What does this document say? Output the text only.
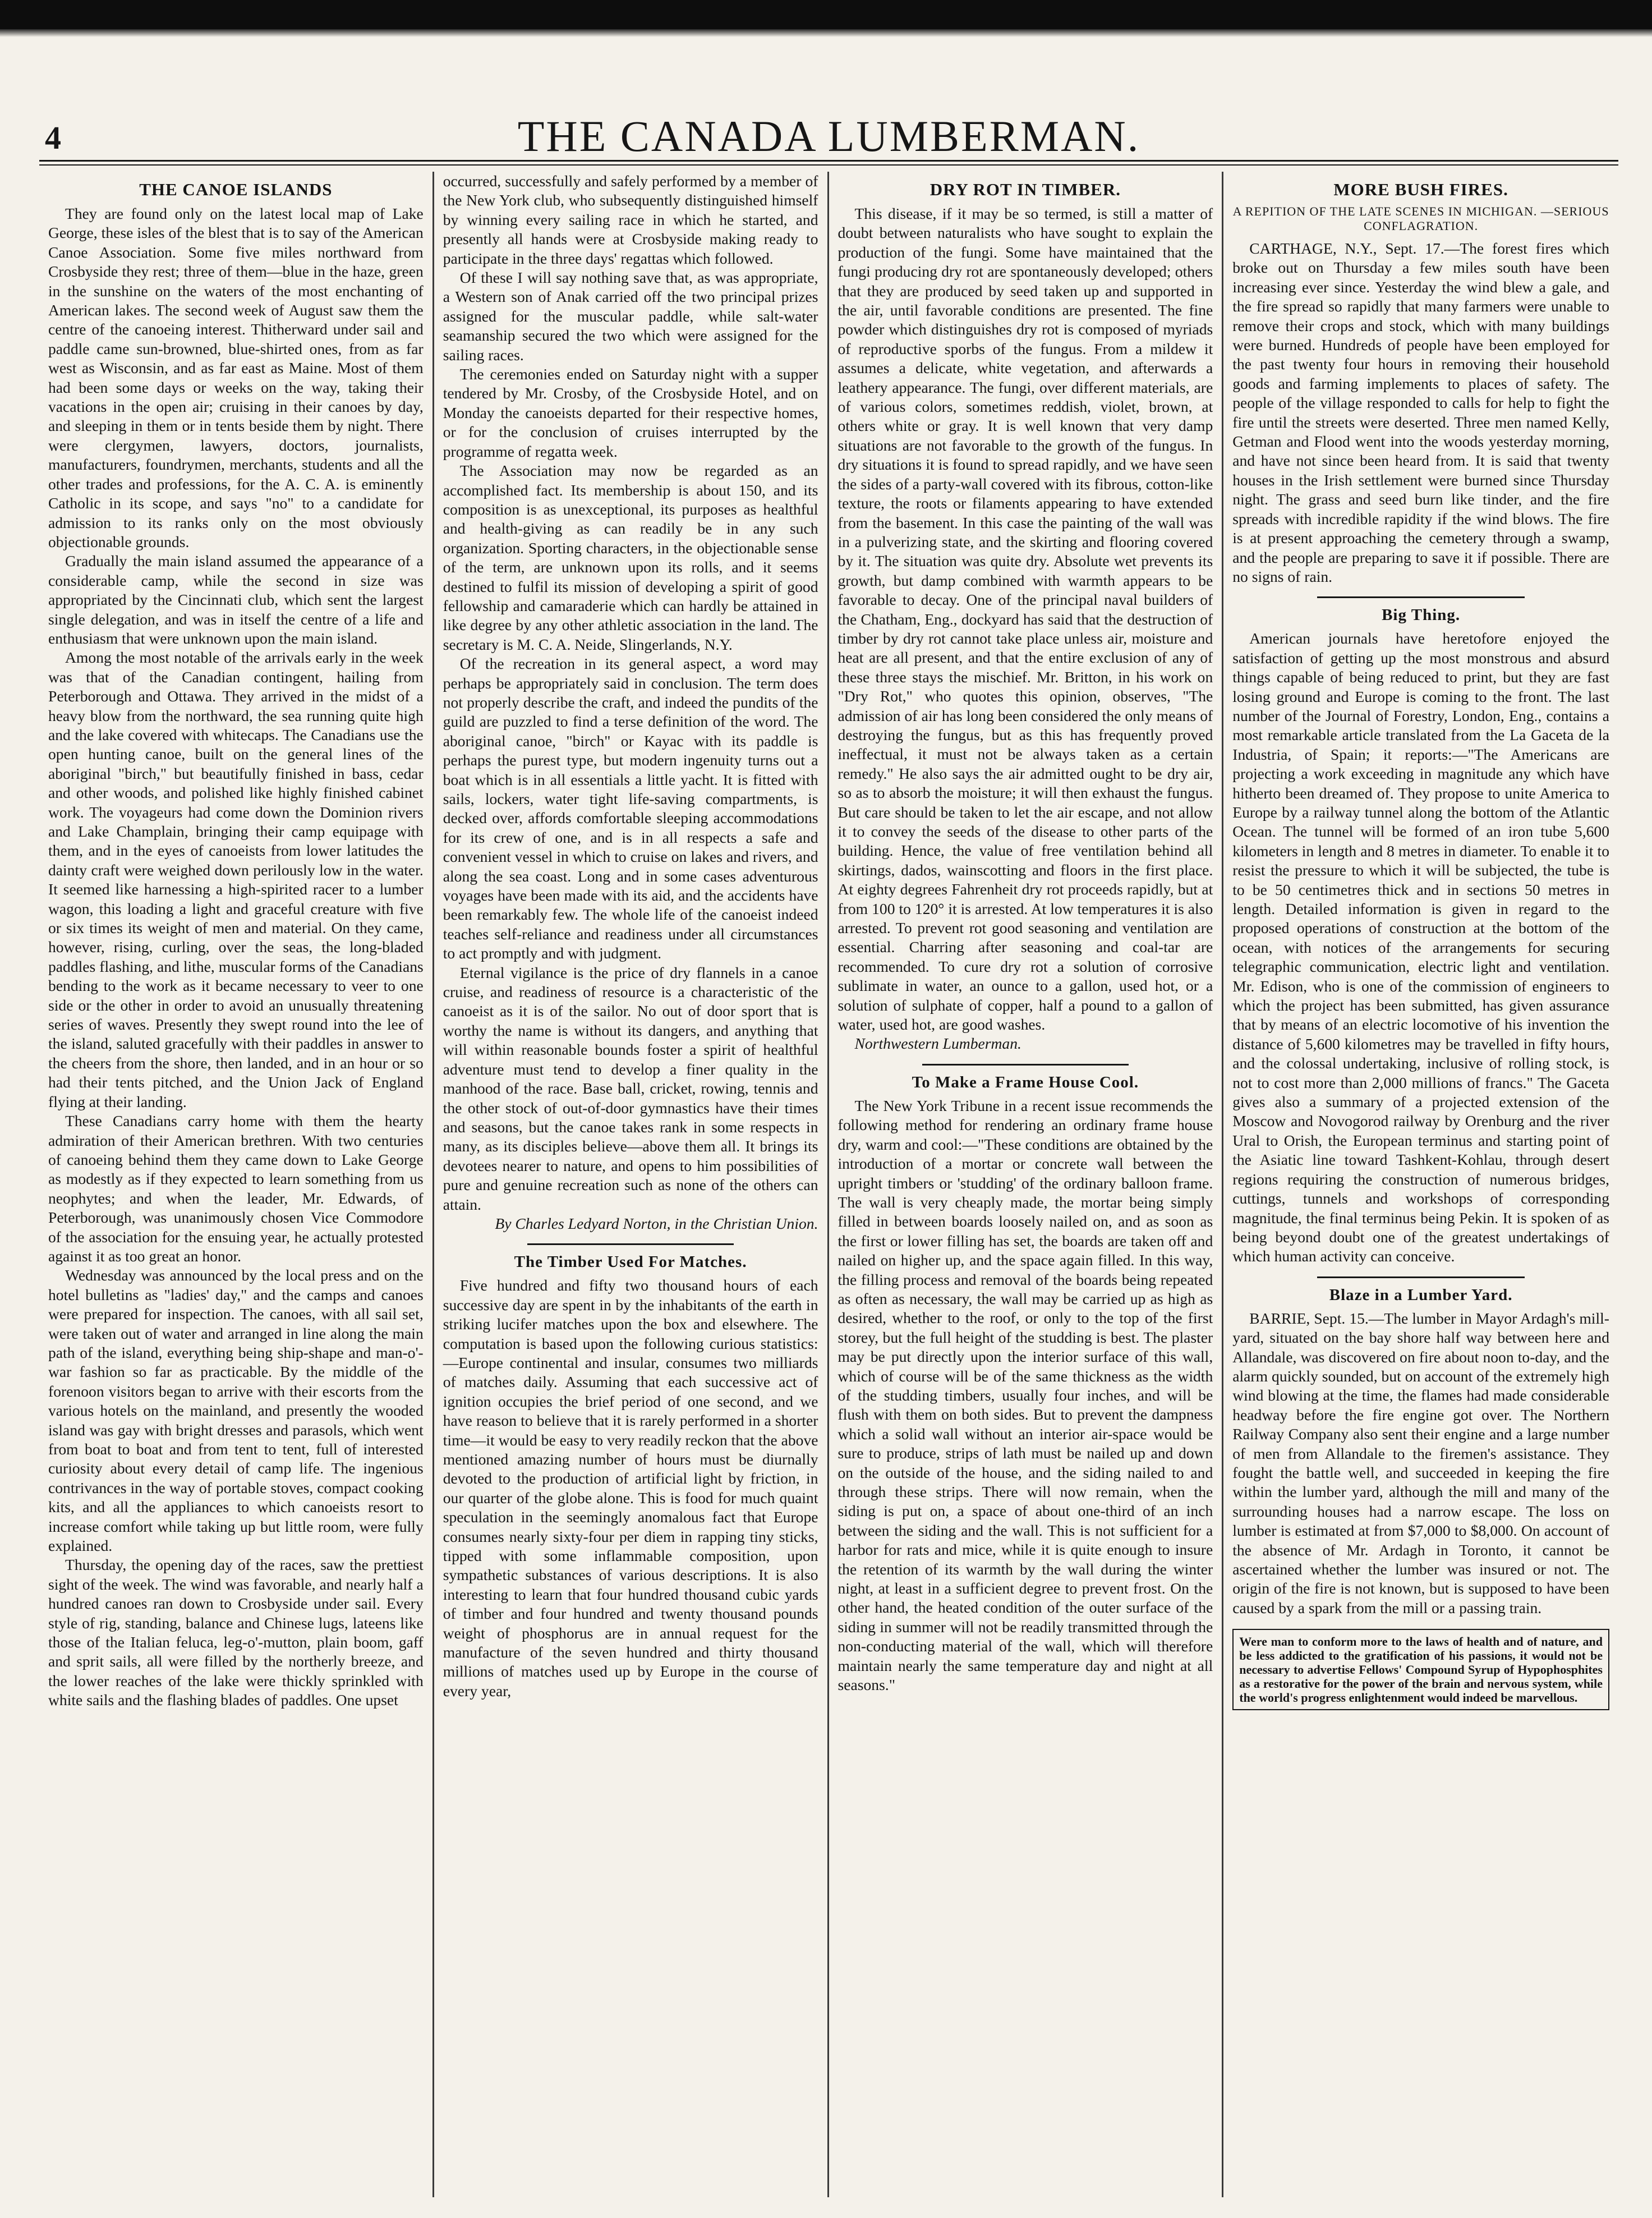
4	THE CANADA LUMBERMAN.
THE CANOE ISLANDS

They are found only on the latest local map of Lake George, these isles of the blest that is to say of the American Canoe Association. Some five miles northward from Crosbyside they rest; three of them—blue in the haze, green in the sunshine on the waters of the most enchanting of American lakes. The second week of August saw them the centre of the canoeing interest. Thitherward under sail and paddle came sun-browned, blue-shirted ones, from as far west as Wisconsin, and as far east as Maine. Most of them had been some days or weeks on the way, taking their vacations in the open air; cruising in their canoes by day, and sleeping in them or in tents beside them by night. There were clergymen, lawyers, doctors, journalists, manufacturers, foundrymen, merchants, students and all the other trades and professions, for the A. C. A. is eminently Catholic in its scope, and says "no" to a candidate for admission to its ranks only on the most obviously objectionable grounds.

Gradually the main island assumed the appearance of a considerable camp, while the second in size was appropriated by the Cincinnati club, which sent the largest single delegation, and was in itself the centre of a life and enthusiasm that were unknown upon the main island.

Among the most notable of the arrivals early in the week was that of the Canadian contingent, hailing from Peterborough and Ottawa. They arrived in the midst of a heavy blow from the northward, the sea running quite high and the lake covered with whitecaps. The Canadians use the open hunting canoe, built on the general lines of the aboriginal "birch," but beautifully finished in bass, cedar and other woods, and polished like highly finished cabinet work. The voyageurs had come down the Dominion rivers and Lake Champlain, bringing their camp equipage with them, and in the eyes of canoeists from lower latitudes the dainty craft were weighed down perilously low in the water. It seemed like harnessing a high-spirited racer to a lumber wagon, this loading a light and graceful creature with five or six times its weight of men and material. On they came, however, rising, curling, over the seas, the long-bladed paddles flashing, and lithe, muscular forms of the Canadians bending to the work as it became necessary to veer to one side or the other in order to avoid an unusually threatening series of waves. Presently they swept round into the lee of the island, saluted gracefully with their paddles in answer to the cheers from the shore, then landed, and in an hour or so had their tents pitched, and the Union Jack of England flying at their landing.

These Canadians carry home with them the hearty admiration of their American brethren. With two centuries of canoeing behind them they came down to Lake George as modestly as if they expected to learn something from us neophytes; and when the leader, Mr. Edwards, of Peterborough, was unanimously chosen Vice Commodore of the association for the ensuing year, he actually protested against it as too great an honor.

Wednesday was announced by the local press and on the hotel bulletins as "ladies' day," and the camps and canoes were prepared for inspection. The canoes, with all sail set, were taken out of water and arranged in line along the main path of the island, everything being ship-shape and man-o'-war fashion so far as practicable. By the middle of the forenoon visitors began to arrive with their escorts from the various hotels on the mainland, and presently the wooded island was gay with bright dresses and parasols, which went from boat to boat and from tent to tent, full of interested curiosity about every detail of camp life. The ingenious contrivances in the way of portable stoves, compact cooking kits, and all the appliances to which canoeists resort to increase comfort while taking up but little room, were fully explained.

Thursday, the opening day of the races, saw the prettiest sight of the week. The wind was favorable, and nearly half a hundred canoes ran down to Crosbyside under sail. Every style of rig, standing, balance and Chinese lugs, lateens like those of the Italian feluca, leg-o'-mutton, plain boom, gaff and sprit sails, all were filled by the northerly breeze, and the lower reaches of the lake were thickly sprinkled with white sails and the flashing blades of paddles. One upset

occurred, successfully and safely performed by a member of the New York club, who subsequently distinguished himself by winning every sailing race in which he started, and presently all hands were at Crosbyside making ready to participate in the three days' regattas which followed.

Of these I will say nothing save that, as was appropriate, a Western son of Anak carried off the two principal prizes assigned for the muscular paddle, while salt-water seamanship secured the two which were assigned for the sailing races.

The ceremonies ended on Saturday night with a supper tendered by Mr. Crosby, of the Crosbyside Hotel, and on Monday the canoeists departed for their respective homes, or for the conclusion of cruises interrupted by the programme of regatta week.

The Association may now be regarded as an accomplished fact. Its membership is about 150, and its composition is as unexceptional, its purposes as healthful and health-giving as can readily be in any such organization. Sporting characters, in the objectionable sense of the term, are unknown upon its rolls, and it seems destined to fulfil its mission of developing a spirit of good fellowship and camaraderie which can hardly be attained in like degree by any other athletic association in the land. The secretary is M. C. A. Neide, Slingerlands, N.Y.

Of the recreation in its general aspect, a word may perhaps be appropriately said in conclusion. The term does not properly describe the craft, and indeed the pundits of the guild are puzzled to find a terse definition of the word. The aboriginal canoe, "birch" or Kayac with its paddle is perhaps the purest type, but modern ingenuity turns out a boat which is in all essentials a little yacht. It is fitted with sails, lockers, water tight life-saving compartments, is decked over, affords comfortable sleeping accommodations for its crew of one, and is in all respects a safe and convenient vessel in which to cruise on lakes and rivers, and along the sea coast. Long and in some cases adventurous voyages have been made with its aid, and the accidents have been remarkably few. The whole life of the canoeist indeed teaches self-reliance and readiness under all circumstances to act promptly and with judgment.

Eternal vigilance is the price of dry flannels in a canoe cruise, and readiness of resource is a characteristic of the canoeist as it is of the sailor. No out of door sport that is worthy the name is without its dangers, and anything that will within reasonable bounds foster a spirit of healthful adventure must tend to develop a finer quality in the manhood of the race. Base ball, cricket, rowing, tennis and the other stock of out-of-door gymnastics have their times and seasons, but the canoe takes rank in some respects in many, as its disciples believe—above them all. It brings its devotees nearer to nature, and opens to him possibilities of pure and genuine recreation such as none of the others can attain.

By Charles Ledyard Norton, in the Christian Union.

The Timber Used For Matches.

Five hundred and fifty two thousand hours of each successive day are spent in by the inhabitants of the earth in striking lucifer matches upon the box and elsewhere. The computation is based upon the following curious statistics:—Europe continental and insular, consumes two milliards of matches daily. Assuming that each successive act of ignition occupies the brief period of one second, and we have reason to believe that it is rarely performed in a shorter time—it would be easy to very readily reckon that the above mentioned amazing number of hours must be diurnally devoted to the production of artificial light by friction, in our quarter of the globe alone. This is food for much quaint speculation in the seemingly anomalous fact that Europe consumes nearly sixty-four per diem in rapping tiny sticks, tipped with some inflammable composition, upon sympathetic substances of various descriptions. It is also interesting to learn that four hundred thousand cubic yards of timber and four hundred and twenty thousand pounds weight of phosphorus are in annual request for the manufacture of the seven hundred and thirty thousand millions of matches used up by Europe in the course of every year,

DRY ROT IN TIMBER.

This disease, if it may be so termed, is still a matter of doubt between naturalists who have sought to explain the production of the fungi. Some have maintained that the fungi producing dry rot are spontaneously developed; others that they are produced by seed taken up and supported in the air, until favorable conditions are presented. The fine powder which distinguishes dry rot is composed of myriads of reproductive sporbs of the fungus. From a mildew it assumes a delicate, white vegetation, and afterwards a leathery appearance. The fungi, over different materials, are of various colors, sometimes reddish, violet, brown, at others white or gray. It is well known that very damp situations are not favorable to the growth of the fungus. In dry situations it is found to spread rapidly, and we have seen the sides of a party-wall covered with its fibrous, cotton-like texture, the roots or filaments appearing to have extended from the basement. In this case the painting of the wall was in a pulverizing state, and the skirting and flooring covered by it. The situation was quite dry. Absolute wet prevents its growth, but damp combined with warmth appears to be favorable to decay. One of the principal naval builders of the Chatham, Eng., dockyard has said that the destruction of timber by dry rot cannot take place unless air, moisture and heat are all present, and that the entire exclusion of any of these three stays the mischief. Mr. Britton, in his work on "Dry Rot," who quotes this opinion, observes, "The admission of air has long been considered the only means of destroying the fungus, but as this has frequently proved ineffectual, it must not be always taken as a certain remedy." He also says the air admitted ought to be dry air, so as to absorb the moisture; it will then exhaust the fungus. But care should be taken to let the air escape, and not allow it to convey the seeds of the disease to other parts of the building. Hence, the value of free ventilation behind all skirtings, dados, wainscotting and floors in the first place. At eighty degrees Fahrenheit dry rot proceeds rapidly, but at from 100 to 120° it is arrested. At low temperatures it is also arrested. To prevent rot good seasoning and ventilation are essential. Charring after seasoning and coal-tar are recommended. To cure dry rot a solution of corrosive sublimate in water, an ounce to a gallon, used hot, or a solution of sulphate of copper, half a pound to a gallon of water, used hot, are good washes.

Northwestern Lumberman.

To Make a Frame House Cool.

The New York Tribune in a recent issue recommends the following method for rendering an ordinary frame house dry, warm and cool:—"These conditions are obtained by the introduction of a mortar or concrete wall between the upright timbers or 'studding' of the ordinary balloon frame. The wall is very cheaply made, the mortar being simply filled in between boards loosely nailed on, and as soon as the first or lower filling has set, the boards are taken off and nailed on higher up, and the space again filled. In this way, the filling process and removal of the boards being repeated as often as necessary, the wall may be carried up as high as desired, whether to the roof, or only to the top of the first storey, but the full height of the studding is best. The plaster may be put directly upon the interior surface of this wall, which of course will be of the same thickness as the width of the studding timbers, usually four inches, and will be flush with them on both sides. But to prevent the dampness which a solid wall without an interior air-space would be sure to produce, strips of lath must be nailed up and down on the outside of the house, and the siding nailed to and through these strips. There will now remain, when the siding is put on, a space of about one-third of an inch between the siding and the wall. This is not sufficient for a harbor for rats and mice, while it is quite enough to insure the retention of its warmth by the wall during the winter night, at least in a sufficient degree to prevent frost. On the other hand, the heated condition of the outer surface of the siding in summer will not be readily transmitted through the non-conducting material of the wall, which will therefore maintain nearly the same temperature day and night at all seasons."

MORE BUSH FIRES.
A REPITION OF THE LATE SCENES IN MICHIGAN. —SERIOUS CONFLAGRATION.

CARTHAGE, N.Y., Sept. 17.—The forest fires which broke out on Thursday a few miles south have been increasing ever since. Yesterday the wind blew a gale, and the fire spread so rapidly that many farmers were unable to remove their crops and stock, which with many buildings were burned. Hundreds of people have been employed for the past twenty four hours in removing their household goods and farming implements to places of safety. The people of the village responded to calls for help to fight the fire until the streets were deserted. Three men named Kelly, Getman and Flood went into the woods yesterday morning, and have not since been heard from. It is said that twenty houses in the Irish settlement were burned since Thursday night. The grass and seed burn like tinder, and the fire spreads with incredible rapidity if the wind blows. The fire is at present approaching the cemetery through a swamp, and the people are preparing to save it if possible. There are no signs of rain.

Big Thing.

American journals have heretofore enjoyed the satisfaction of getting up the most monstrous and absurd things capable of being reduced to print, but they are fast losing ground and Europe is coming to the front. The last number of the Journal of Forestry, London, Eng., contains a most remarkable article translated from the La Gaceta de la Industria, of Spain; it reports:—"The Americans are projecting a work exceeding in magnitude any which have hitherto been dreamed of. They propose to unite America to Europe by a railway tunnel along the bottom of the Atlantic Ocean. The tunnel will be formed of an iron tube 5,600 kilometers in length and 8 metres in diameter. To enable it to resist the pressure to which it will be subjected, the tube is to be 50 centimetres thick and in sections 50 metres in length. Detailed information is given in regard to the proposed operations of construction at the bottom of the ocean, with notices of the arrangements for securing telegraphic communication, electric light and ventilation. Mr. Edison, who is one of the commission of engineers to which the project has been submitted, has given assurance that by means of an electric locomotive of his invention the distance of 5,600 kilometres may be travelled in fifty hours, and the colossal undertaking, inclusive of rolling stock, is not to cost more than 2,000 millions of francs." The Gaceta gives also a summary of a projected extension of the Moscow and Novogorod railway by Orenburg and the river Ural to Orish, the European terminus and starting point of the Asiatic line toward Tashkent-Kohlau, through desert regions requiring the construction of numerous bridges, cuttings, tunnels and workshops of corresponding magnitude, the final terminus being Pekin. It is spoken of as being beyond doubt one of the greatest undertakings of which human activity can conceive.

Blaze in a Lumber Yard.

BARRIE, Sept. 15.—The lumber in Mayor Ardagh's mill-yard, situated on the bay shore half way between here and Allandale, was discovered on fire about noon to-day, and the alarm quickly sounded, but on account of the extremely high wind blowing at the time, the flames had made considerable headway before the fire engine got over. The Northern Railway Company also sent their engine and a large number of men from Allandale to the firemen's assistance. They fought the battle well, and succeeded in keeping the fire within the lumber yard, although the mill and many of the surrounding houses had a narrow escape. The loss on lumber is estimated at from $7,000 to $8,000. On account of the absence of Mr. Ardagh in Toronto, it cannot be ascertained whether the lumber was insured or not. The origin of the fire is not known, but is supposed to have been caused by a spark from the mill or a passing train.

Were man to conform more to the laws of health and of nature, and be less addicted to the gratification of his passions, it would not be necessary to advertise Fellows' Compound Syrup of Hypophosphites as a restorative for the power of the brain and nervous system, while the world's progress enlightenment would indeed be marvellous.
